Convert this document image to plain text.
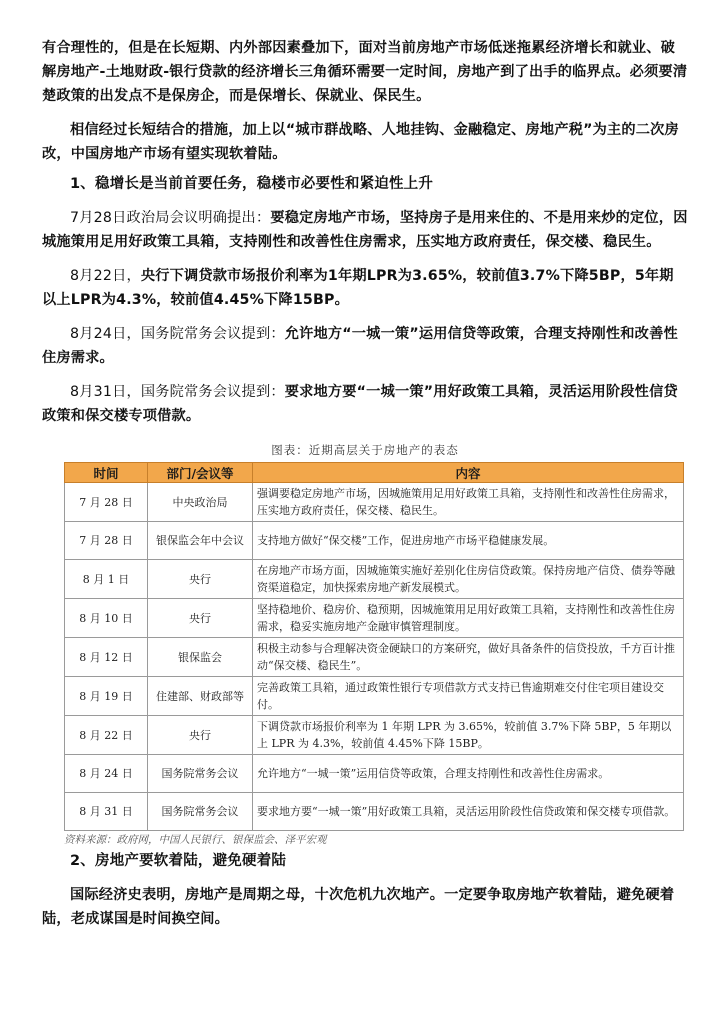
有合理性的，但是在长短期、内外部因素叠加下，面对当前房地产市场低迷拖累经济增长和就业、破解房地产-土地财政-银行贷款的经济增长三角循环需要一定时间，房地产到了出手的临界点。必须要清楚政策的出发点不是保房企，而是保增长、保就业、保民生。

相信经过长短结合的措施，加上以“城市群战略、人地挂钩、金融稳定、房地产税”为主的二次房改，中国房地产市场有望实现软着陆。

1、稳增长是当前首要任务，稳楼市必要性和紧迫性上升

7月28日政治局会议明确提出：要稳定房地产市场，坚持房子是用来住的、不是用来炒的定位，因城施策用足用好政策工具箱，支持刚性和改善性住房需求，压实地方政府责任，保交楼、稳民生。

8月22日，央行下调贷款市场报价利率为1年期LPR为3.65%，较前值3.7%下降5BP，5年期以上LPR为4.3%，较前值4.45%下降15BP。

8月24日，国务院常务会议提到：允许地方“一城一策”运用信贷等政策，合理支持刚性和改善性住房需求。

8月31日，国务院常务会议提到：要求地方要“一城一策”用好政策工具箱，灵活运用阶段性信贷政策和保交楼专项借款。

图表：近期高层关于房地产的表态
时间	部门/会议等	内容
7 月 28 日	中央政治局	强调要稳定房地产市场，因城施策用足用好政策工具箱，支持刚性和改善性住房需求，压实地方政府责任，保交楼、稳民生。
7 月 28 日	银保监会年中会议	支持地方做好“保交楼”工作，促进房地产市场平稳健康发展。
8 月 1 日	央行	在房地产市场方面，因城施策实施好差别化住房信贷政策。保持房地产信贷、债券等融资渠道稳定，加快探索房地产新发展模式。
8 月 10 日	央行	坚持稳地价、稳房价、稳预期，因城施策用足用好政策工具箱，支持刚性和改善性住房需求，稳妥实施房地产金融审慎管理制度。
8 月 12 日	银保监会	积极主动参与合理解决资金硬缺口的方案研究，做好具备条件的信贷投放，千方百计推动“保交楼、稳民生”。
8 月 19 日	住建部、财政部等	完善政策工具箱，通过政策性银行专项借款方式支持已售逾期难交付住宅项目建设交付。
8 月 22 日	央行	下调贷款市场报价利率为 1 年期 LPR 为 3.65%，较前值 3.7%下降 5BP，5 年期以上 LPR 为 4.3%，较前值 4.45%下降 15BP。
8 月 24 日	国务院常务会议	允许地方“一城一策”运用信贷等政策，合理支持刚性和改善性住房需求。
8 月 31 日	国务院常务会议	要求地方要“一城一策”用好政策工具箱，灵活运用阶段性信贷政策和保交楼专项借款。
资料来源：政府网，中国人民银行、银保监会、泽平宏观

2、房地产要软着陆，避免硬着陆

国际经济史表明，房地产是周期之母，十次危机九次地产。一定要争取房地产软着陆，避免硬着陆，老成谋国是时间换空间。
